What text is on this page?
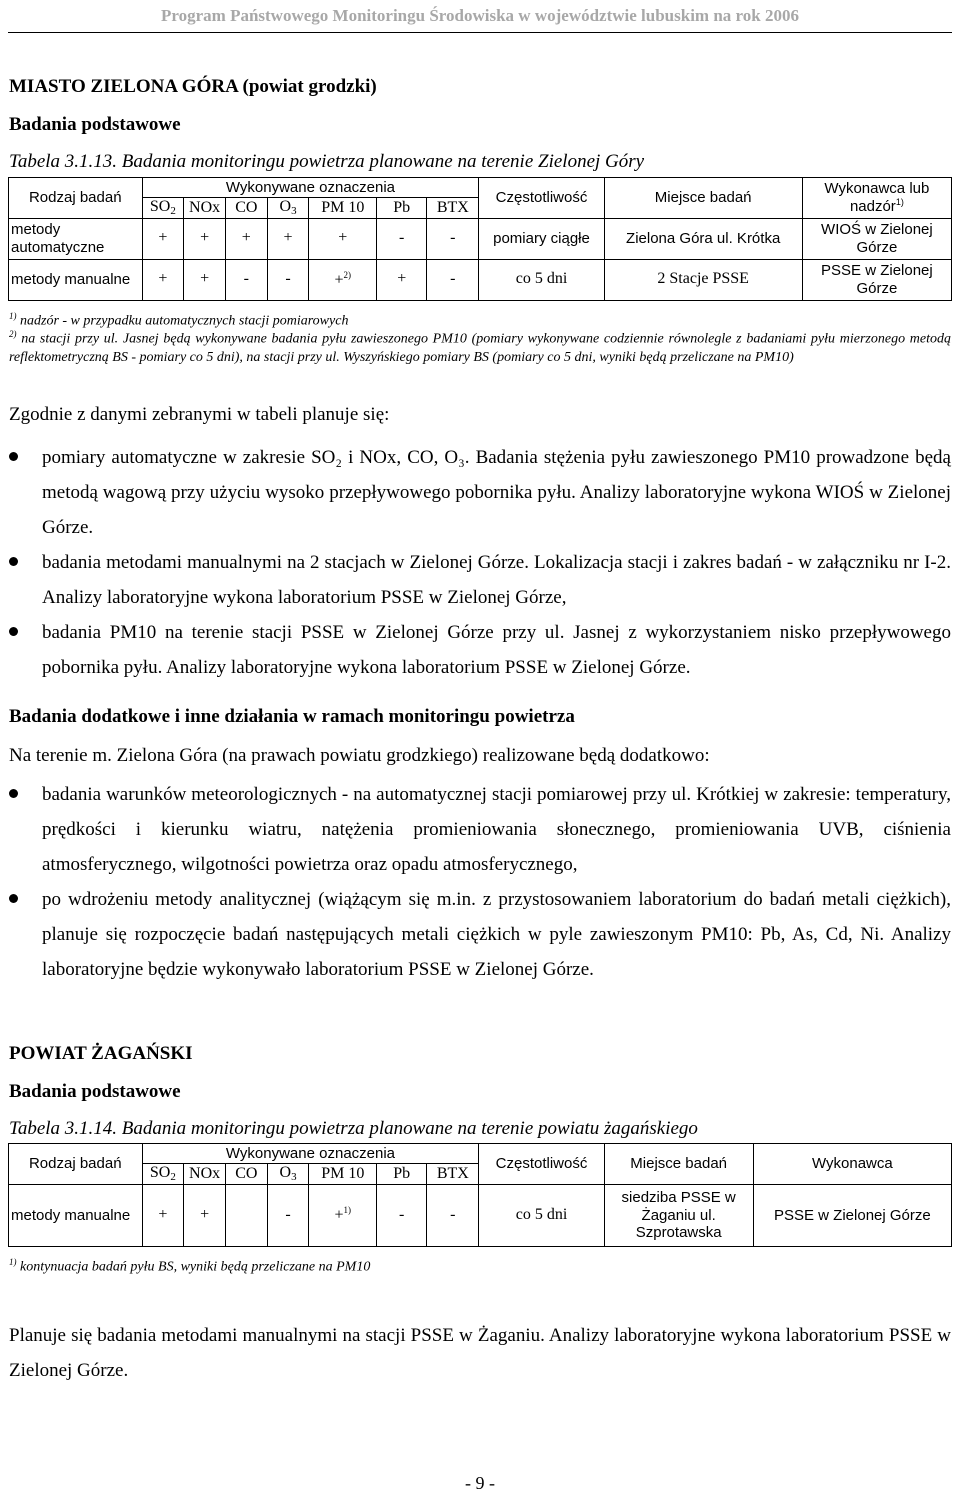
Program Państwowego Monitoringu Środowiska w województwie lubuskim na rok 2006
MIASTO ZIELONA GÓRA (powiat grodzki)
Badania podstawowe
Tabela 3.1.13. Badania monitoringu powietrza planowane na terenie Zielonej Góry
Rodzaj badań	Wykonywane oznaczenia							Częstotliwość	Miejsce badań	Wykonawca lub nadzór$^{1)}$
	$SO_2$	NOx	CO	$O_3$	PM 10	Pb	BTX			
metody automatyczne	+	+	+	+	+	-	-	pomiary ciągłe	Zielona Góra ul. Krótka	WIOŚ w Zielonej Górze
metody manualne	+	+	-	-	+$^{2)}$	+	-	co 5 dni	2 Stacje PSSE	PSSE w Zielonej Górze
$^{1)}$ nadzór - w przypadku automatycznych stacji pomiarowych
$^{2)}$ na stacji przy ul. Jasnej będą wykonywane badania pyłu zawieszonego PM10 (pomiary wykonywane codziennie równolegle z badaniami pyłu mierzonego metodą reflektometryczną BS - pomiary co 5 dni), na stacji przy ul. Wyszyńskiego pomiary BS (pomiary co 5 dni, wyniki będą przeliczane na PM10)
Zgodnie z danymi zebranymi w tabeli planuje się:
pomiary automatyczne w zakresie SO₂ i NOx, CO, O₃. Badania stężenia pyłu zawieszonego PM10 prowadzone będą metodą wagową przy użyciu wysoko przepływowego pobornika pyłu. Analizy laboratoryjne wykona WIOŚ w Zielonej Górze.
badania metodami manualnymi na 2 stacjach w Zielonej Górze. Lokalizacja stacji i zakres badań - w załączniku nr I-2. Analizy laboratoryjne wykona laboratorium PSSE w Zielonej Górze,
badania PM10 na terenie stacji PSSE w Zielonej Górze przy ul. Jasnej z wykorzystaniem nisko przepływowego pobornika pyłu. Analizy laboratoryjne wykona laboratorium PSSE w Zielonej Górze.
Badania dodatkowe i inne działania w ramach monitoringu powietrza
Na terenie m. Zielona Góra (na prawach powiatu grodzkiego) realizowane będą dodatkowo:
badania warunków meteorologicznych - na automatycznej stacji pomiarowej przy ul. Krótkiej w zakresie: temperatury, prędkości i kierunku wiatru, natężenia promieniowania słonecznego, promieniowania UVB, ciśnienia atmosferycznego, wilgotności powietrza oraz opadu atmosferycznego,
po wdrożeniu metody analitycznej (wiążącym się m.in. z przystosowaniem laboratorium do badań metali ciężkich), planuje się rozpoczęcie badań następujących metali ciężkich w pyle zawieszonym PM10: Pb, As, Cd, Ni. Analizy laboratoryjne będzie wykonywało laboratorium PSSE w Zielonej Górze.
POWIAT ŻAGAŃSKI
Badania podstawowe
Tabela 3.1.14. Badania monitoringu powietrza planowane na terenie powiatu żagańskiego
Rodzaj badań	Wykonywane oznaczenia							Częstotliwość	Miejsce badań	Wykonawca
	$SO_2$	NOx	CO	$O_3$	PM 10	Pb	BTX			
metody manualne	+	+		-	+$^{1)}$	-	-	co 5 dni	siedziba PSSE w Żaganiu ul. Szprotawska	PSSE w Zielonej Górze
$^{1)}$ kontynuacja badań pyłu BS, wyniki będą przeliczane na PM10
Planuje się badania metodami manualnymi na stacji PSSE w Żaganiu. Analizy laboratoryjne wykona laboratorium PSSE w Zielonej Górze.
- 9 -
